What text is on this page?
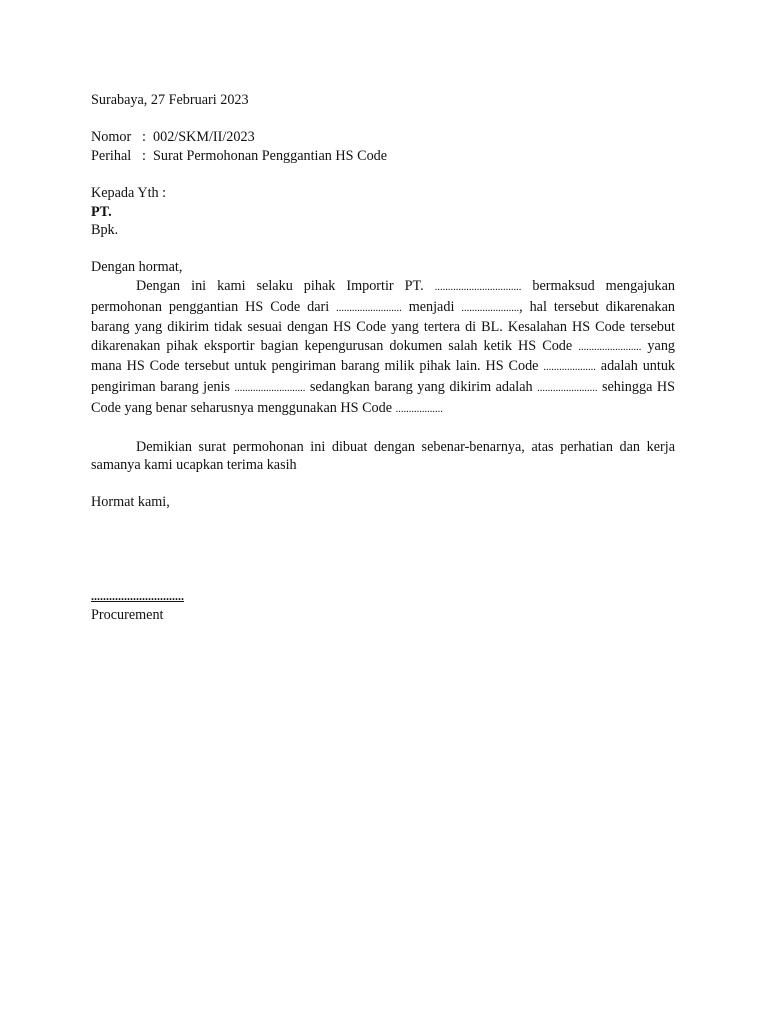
Surabaya, 27 Februari 2023
Nomor : 002/SKM/II/2023
Perihal : Surat Permohonan Penggantian HS Code
Kepada Yth :
PT.
Bpk.
Dengan hormat,

Dengan ini kami selaku pihak Importir PT. ................................. bermaksud mengajukan permohonan penggantian HS Code dari ......................... menjadi ......................, hal tersebut dikarenakan barang yang dikirim tidak sesuai dengan HS Code yang tertera di BL. Kesalahan HS Code tersebut dikarenakan pihak eksportir bagian kepengurusan dokumen salah ketik HS Code ........................ yang mana HS Code tersebut untuk pengiriman barang milik pihak lain. HS Code .................... adalah untuk pengiriman barang jenis ........................... sedangkan barang yang dikirim adalah ....................... sehingga HS Code yang benar seharusnya menggunakan HS Code ..................

Demikian surat permohonan ini dibuat dengan sebenar-benarnya, atas perhatian dan kerja samanya kami ucapkan terima kasih

Hormat kami,
...............................
Procurement
